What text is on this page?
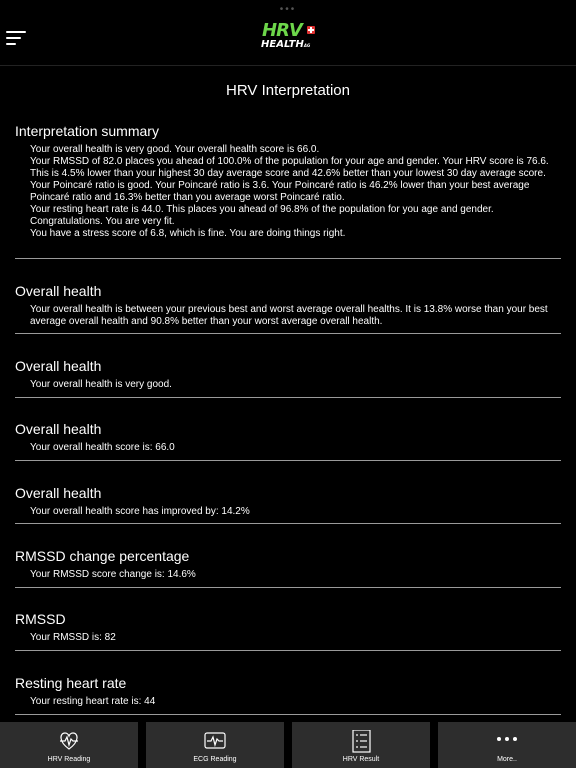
•••
HRV
HEALTHAG
HRV Interpretation
Interpretation summary

Your overall health is very good. Your overall health score is 66.0.

Your RMSSD of 82.0 places you ahead of 100.0% of the population for your age and gender. Your HRV score is 76.6. This is 4.5% lower than your highest 30 day average score and 42.6% better than your lowest 30 day average score.

Your Poincaré ratio is good. Your Poincaré ratio is 3.6. Your Poincaré ratio is 46.2% lower than your best average Poincaré ratio and 16.3% better than you average worst Poincaré ratio.

Your resting heart rate is 44.0. This places you ahead of 96.8% of the population for you age and gender. Congratulations. You are very fit.

You have a stress score of 6.8, which is fine. You are doing things right.

Overall health

Your overall health is between your previous best and worst average overall healths. It is 13.8% worse than your best average overall health and 90.8% better than your worst average overall health.

Overall health

Your overall health is very good.

Overall health

Your overall health score is: 66.0

Overall health

Your overall health score has improved by: 14.2%

RMSSD change percentage

Your RMSSD score change is: 14.6%

RMSSD

Your RMSSD is: 82

Resting heart rate

Your resting heart rate is: 44

HRV Reading	ECG Reading	HRV Result	More..
